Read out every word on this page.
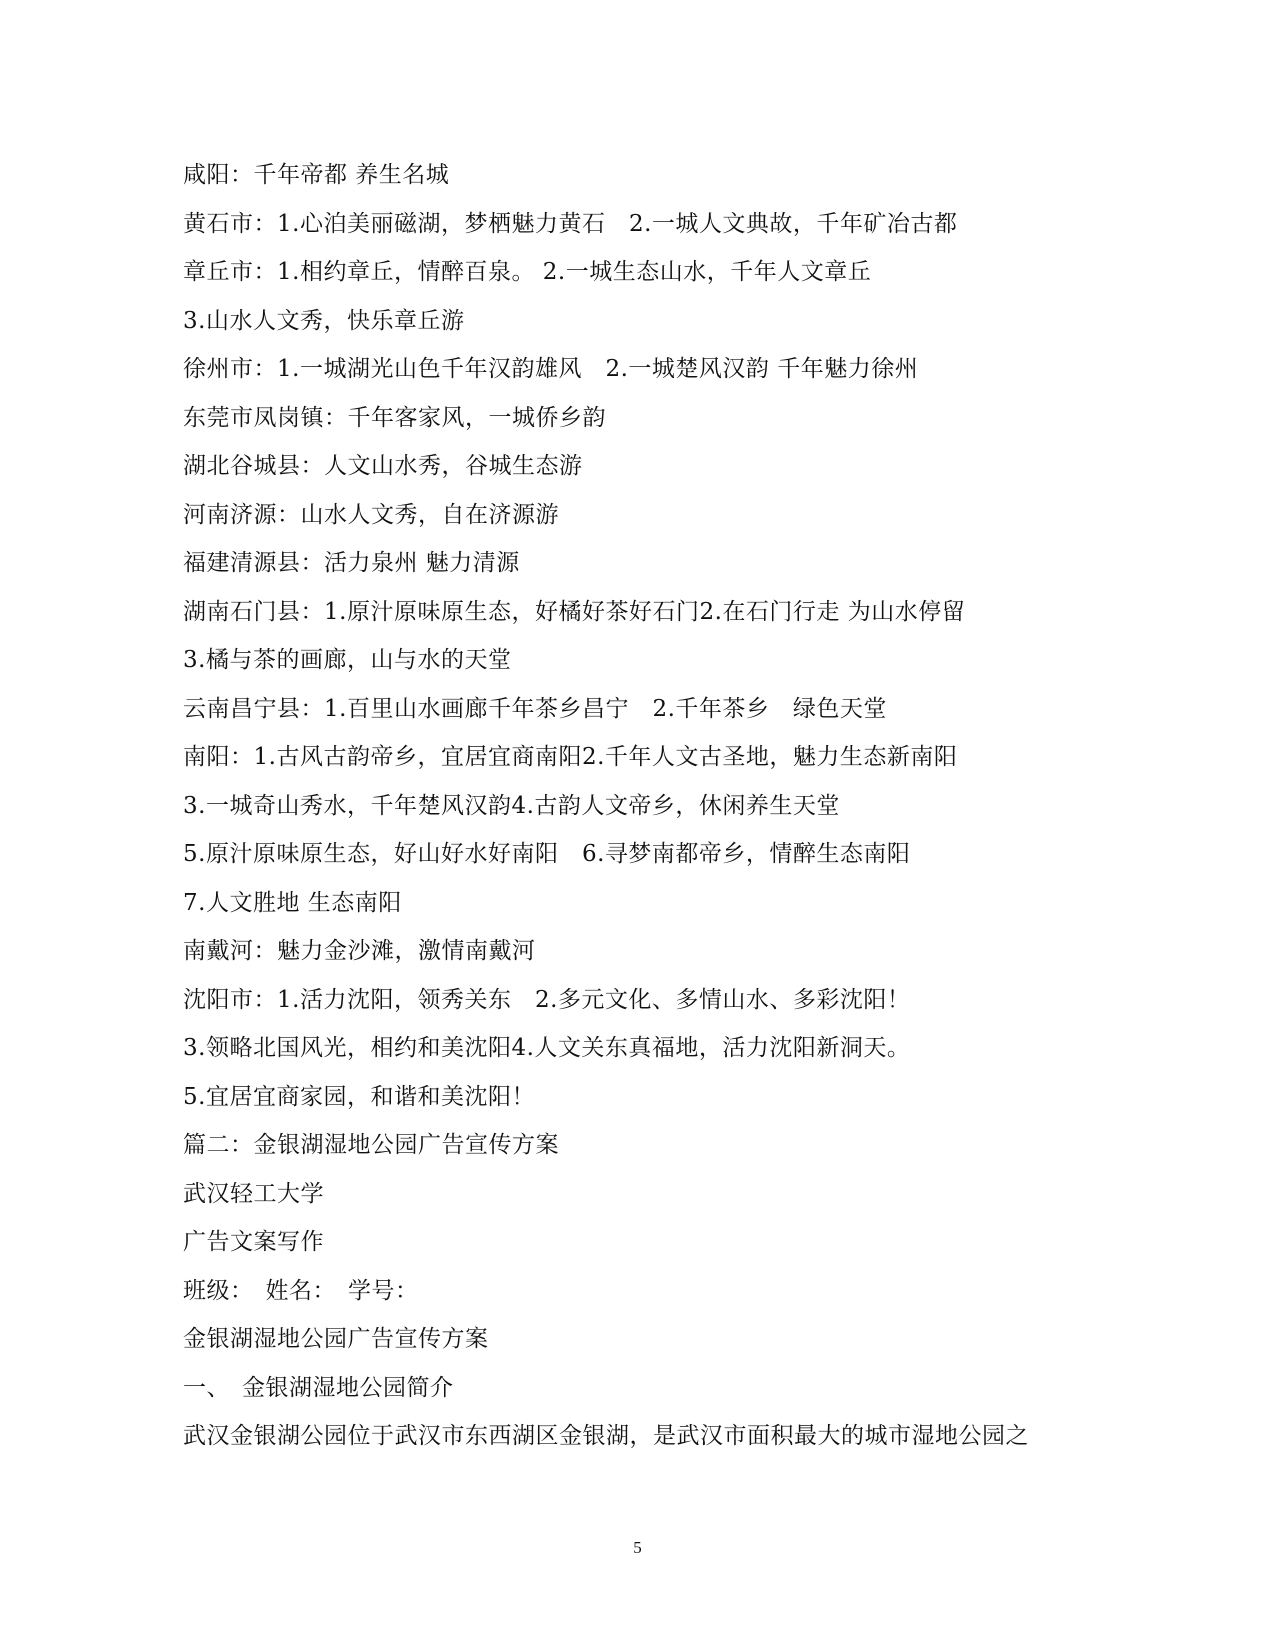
咸阳：千年帝都 养生名城
黄石市：1.心泊美丽磁湖，梦栖魅力黄石　2.一城人文典故，千年矿冶古都
章丘市：1.相约章丘，情醉百泉。 2.一城生态山水，千年人文章丘
3.山水人文秀，快乐章丘游
徐州市：1.一城湖光山色千年汉韵雄风　2.一城楚风汉韵 千年魅力徐州
东莞市凤岗镇：千年客家风，一城侨乡韵
湖北谷城县：人文山水秀，谷城生态游
河南济源：山水人文秀，自在济源游
福建清源县：活力泉州 魅力清源
湖南石门县：1.原汁原味原生态，好橘好茶好石门2.在石门行走 为山水停留
3.橘与茶的画廊，山与水的天堂
云南昌宁县：1.百里山水画廊千年茶乡昌宁　2.千年茶乡　绿色天堂
南阳：1.古风古韵帝乡，宜居宜商南阳2.千年人文古圣地，魅力生态新南阳
3.一城奇山秀水，千年楚风汉韵4.古韵人文帝乡，休闲养生天堂
5.原汁原味原生态，好山好水好南阳　6.寻梦南都帝乡，情醉生态南阳
7.人文胜地 生态南阳
南戴河：魅力金沙滩，激情南戴河
沈阳市：1.活力沈阳，领秀关东　2.多元文化、多情山水、多彩沈阳！
3.领略北国风光，相约和美沈阳4.人文关东真福地，活力沈阳新洞天。
5.宜居宜商家园，和谐和美沈阳！
篇二：金银湖湿地公园广告宣传方案
武汉轻工大学
广告文案写作
班级：　姓名：　学号：
金银湖湿地公园广告宣传方案
一、　金银湖湿地公园简介
武汉金银湖公园位于武汉市东西湖区金银湖，是武汉市面积最大的城市湿地公园之
5
